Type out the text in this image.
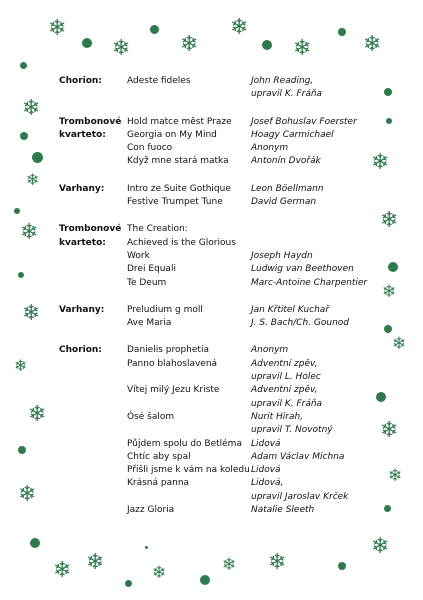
❄
❄ ❄
❄
❄ ❄
❄
❄
❄
❄
❄
❄
❄
❄
❄
❄
❄
❄
❄
❄
❄ ❄	❄	❄ ❄
Chorion:	Adeste fideles	John Reading,
upravil K. Fráňa
Trombonové kvarteto:
Hold matce měst Praze	Josef Bohuslav Foerster
Georgia on My Mind	Hoagy Carmichael
Con fuoco	Anonym
Když mne stará matka	Antonín Dvořák
Varhany:	Intro ze Suite Gothique	Leon Böellmann
Festive Trumpet Tune	David German
Trombonové kvarteto:
The Creation:
Achieved is the Glorious
Work	Joseph Haydn
Drei Equali	Ludwig van Beethoven
Te Deum	Marc-Antoine Charpentier
Varhany:	Preludium g moll	Jan Křtitel Kuchař
Ave Maria	J. S. Bach/Ch. Gounod
Chorion:	Danielis prophetia	Anonym
Panno blahoslavená	Adventní zpěv,
upravil L. Holec
Vítej milý Jezu Kriste	Adventní zpěv,
upravil K. Fráňa
Ósé šalom	Nurit Hirah,
upravil T. Novotný
Půjdem spolu do Betléma	Lidová
Chtíc aby spal	Adam Václav Michna
Přišli jsme k vám na koledu Lidová
Krásná panna	Lidová,
upravil Jaroslav Krček
Jazz Gloria	Natalie Sleeth
